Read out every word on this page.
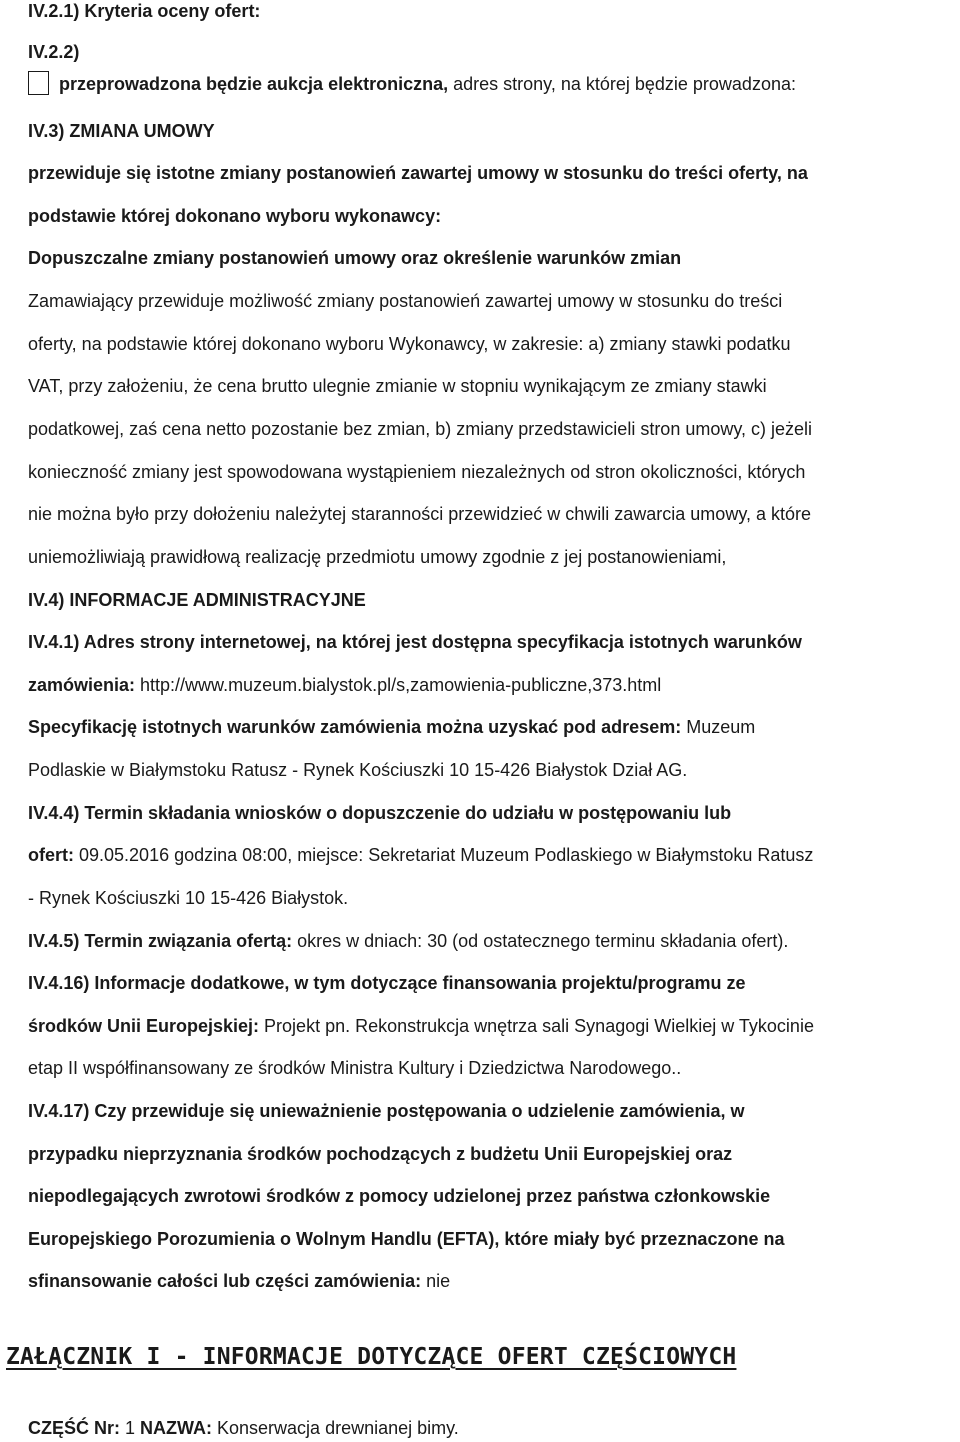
IV.2.1) Kryteria oceny ofert:
IV.2.2)
przeprowadzona będzie aukcja elektroniczna, adres strony, na której będzie prowadzona:
IV.3) ZMIANA UMOWY
przewiduje się istotne zmiany postanowień zawartej umowy w stosunku do treści oferty, na
podstawie której dokonano wyboru wykonawcy:
Dopuszczalne zmiany postanowień umowy oraz określenie warunków zmian
Zamawiający przewiduje możliwość zmiany postanowień zawartej umowy w stosunku do treści
oferty, na podstawie której dokonano wyboru Wykonawcy, w zakresie: a) zmiany stawki podatku
VAT, przy założeniu, że cena brutto ulegnie zmianie w stopniu wynikającym ze zmiany stawki
podatkowej, zaś cena netto pozostanie bez zmian, b) zmiany przedstawicieli stron umowy, c) jeżeli
konieczność zmiany jest spowodowana wystąpieniem niezależnych od stron okoliczności, których
nie można było przy dołożeniu należytej staranności przewidzieć w chwili zawarcia umowy, a które
uniemożliwiają prawidłową realizację przedmiotu umowy zgodnie z jej postanowieniami,
IV.4) INFORMACJE ADMINISTRACYJNE
IV.4.1) Adres strony internetowej, na której jest dostępna specyfikacja istotnych warunków
zamówienia: http://www.muzeum.bialystok.pl/s,zamowienia-publiczne,373.html
Specyfikację istotnych warunków zamówienia można uzyskać pod adresem: Muzeum
Podlaskie w Białymstoku Ratusz - Rynek Kościuszki 10 15-426 Białystok Dział AG.
IV.4.4) Termin składania wniosków o dopuszczenie do udziału w postępowaniu lub
ofert: 09.05.2016 godzina 08:00, miejsce: Sekretariat Muzeum Podlaskiego w Białymstoku Ratusz
- Rynek Kościuszki 10 15-426 Białystok.
IV.4.5) Termin związania ofertą: okres w dniach: 30 (od ostatecznego terminu składania ofert).
IV.4.16) Informacje dodatkowe, w tym dotyczące finansowania projektu/programu ze
środków Unii Europejskiej: Projekt pn. Rekonstrukcja wnętrza sali Synagogi Wielkiej w Tykocinie
etap II współfinansowany ze środków Ministra Kultury i Dziedzictwa Narodowego..
IV.4.17) Czy przewiduje się unieważnienie postępowania o udzielenie zamówienia, w
przypadku nieprzyznania środków pochodzących z budżetu Unii Europejskiej oraz
niepodlegających zwrotowi środków z pomocy udzielonej przez państwa członkowskie
Europejskiego Porozumienia o Wolnym Handlu (EFTA), które miały być przeznaczone na
sfinansowanie całości lub części zamówienia: nie
ZAŁĄCZNIK I - INFORMACJE DOTYCZĄCE OFERT CZĘŚCIOWYCH
CZĘŚĆ Nr: 1 NAZWA: Konserwacja drewnianej bimy.
